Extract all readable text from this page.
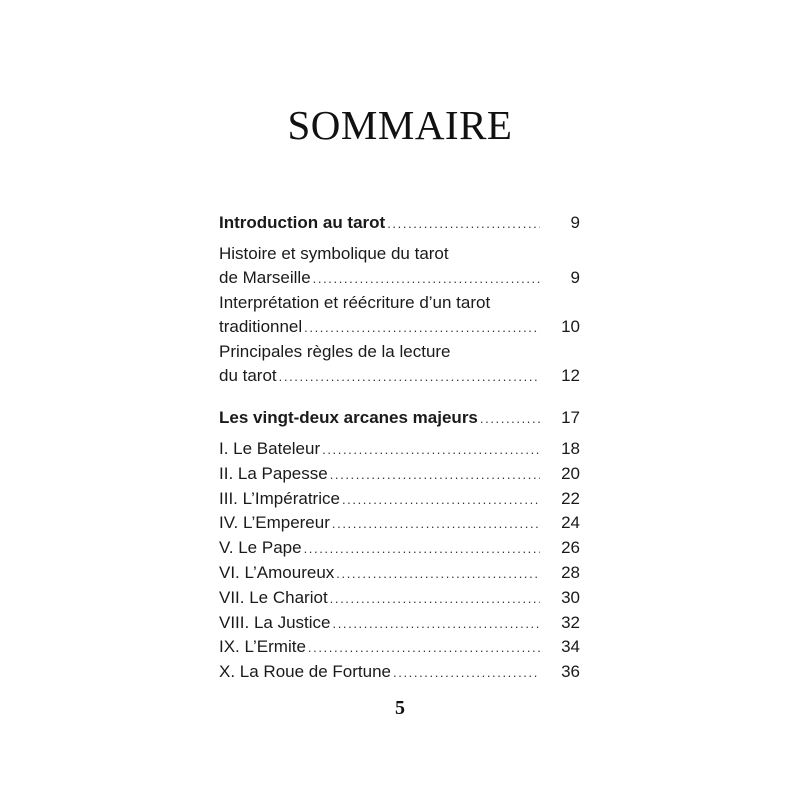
SOMMAIRE
Introduction au tarot .....	9
Histoire et symbolique du tarot
de Marseille .....	9
Interprétation et réécriture d’un tarot
traditionnel .....	10
Principales règles de la lecture
du tarot .....	12
Les vingt-deux arcanes majeurs .....	17
I. Le Bateleur .....	18
II. La Papesse .....	20
III. L’Impératrice .....	22
IV. L’Empereur .....	24
V. Le Pape .....	26
VI. L’Amoureux .....	28
VII. Le Chariot .....	30
VIII. La Justice .....	32
IX. L’Ermite .....	34
X. La Roue de Fortune .....	36
5
